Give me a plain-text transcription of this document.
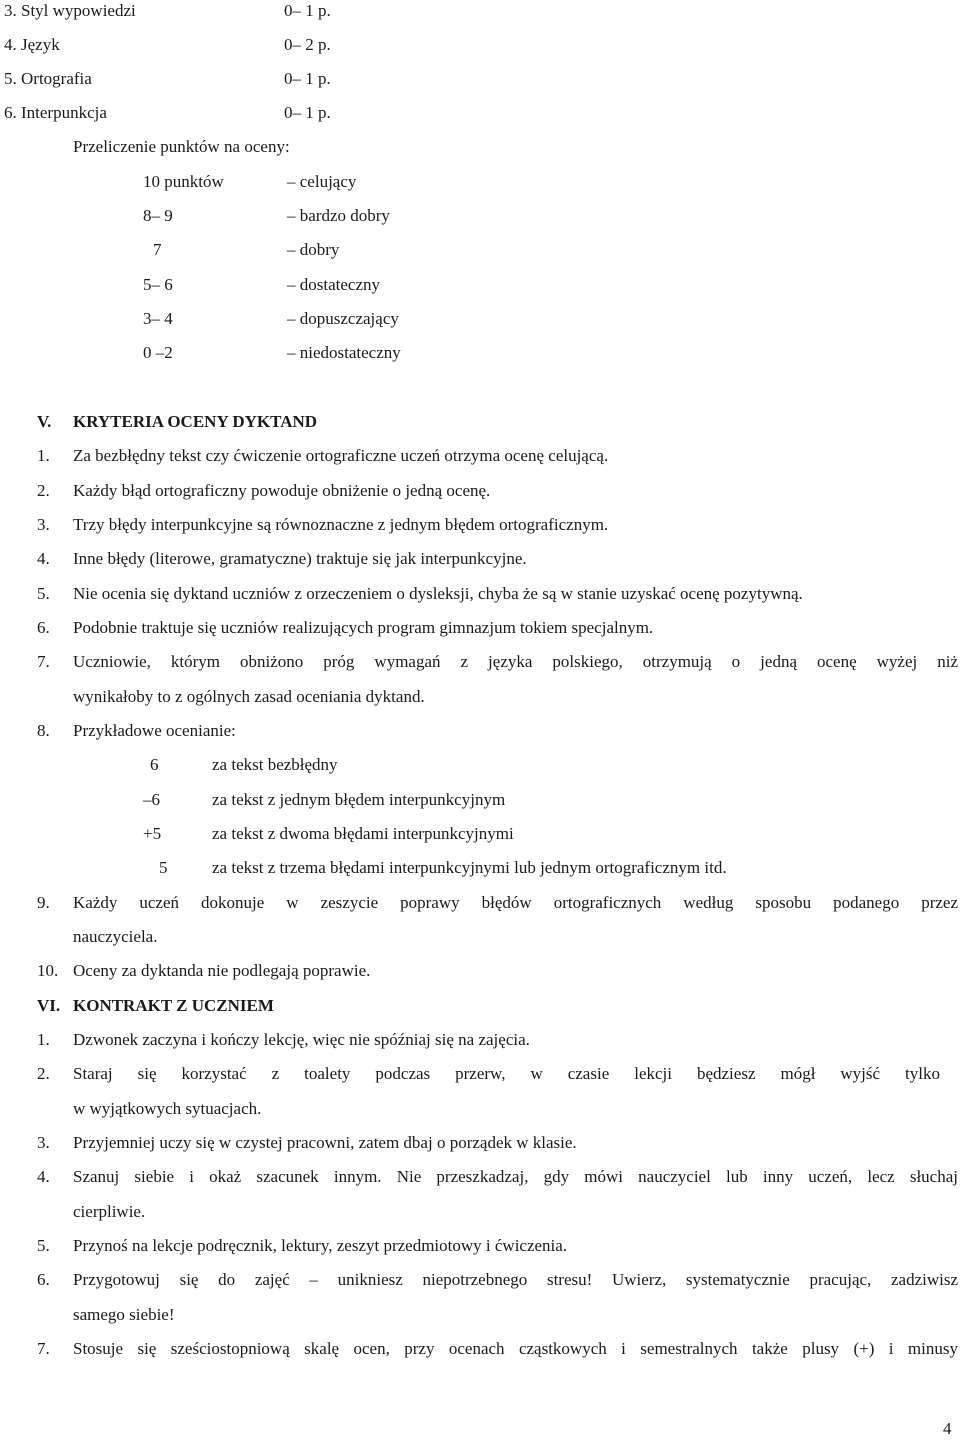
3. Styl wypowiedzi	0– 1 p.
4. Język	0– 2 p.
5. Ortografia	0– 1 p.
6. Interpunkcja	0– 1 p.
Przeliczenie punktów na oceny:
10 punktów	– celujący
8– 9	– bardzo dobry
7	– dobry
5– 6	– dostateczny
3– 4	– dopuszczający
0 –2	– niedostateczny
V. KRYTERIA OCENY DYKTAND
1. Za bezbłędny tekst czy ćwiczenie ortograficzne uczeń otrzyma ocenę celującą.
2. Każdy błąd ortograficzny powoduje obniżenie o jedną ocenę.
3. Trzy błędy interpunkcyjne są równoznaczne z jednym błędem ortograficznym.
4. Inne błędy (literowe, gramatyczne) traktuje się jak interpunkcyjne.
5. Nie ocenia się dyktand uczniów z orzeczeniem o dysleksji, chyba że są w stanie uzyskać ocenę pozytywną.
6. Podobnie traktuje się uczniów realizujących program gimnazjum tokiem specjalnym.
7. Uczniowie, którym obniżono próg wymagań z języka polskiego, otrzymują o jedną ocenę wyżej niż
wynikałoby to z ogólnych zasad oceniania dyktand.
8. Przykładowe ocenianie:
6	za tekst bezbłędny
–6	za tekst z jednym błędem interpunkcyjnym
+5	za tekst z dwoma błędami interpunkcyjnymi
5	za tekst z trzema błędami interpunkcyjnymi lub jednym ortograficznym itd.
9. Każdy uczeń dokonuje w zeszycie poprawy błędów ortograficznych według sposobu podanego przez
nauczyciela.
10. Oceny za dyktanda nie podlegają poprawie.
VI. KONTRAKT Z UCZNIEM
1. Dzwonek zaczyna i kończy lekcję, więc nie spóźniaj się na zajęcia.
2. Staraj się korzystać z toalety podczas przerw, w czasie lekcji będziesz mógł wyjść tylko
w wyjątkowych sytuacjach.
3. Przyjemniej uczy się w czystej pracowni, zatem dbaj o porządek w klasie.
4. Szanuj siebie i okaż szacunek innym. Nie przeszkadzaj, gdy mówi nauczyciel lub inny uczeń, lecz słuchaj
cierpliwie.
5. Przynoś na lekcje podręcznik, lektury, zeszyt przedmiotowy i ćwiczenia.
6. Przygotowuj się do zajęć – unikniesz niepotrzebnego stresu! Uwierz, systematycznie pracując, zadziwisz
samego siebie!
7. Stosuje się sześciostopniową skalę ocen, przy ocenach cząstkowych i semestralnych także plusy (+) i minusy
4
